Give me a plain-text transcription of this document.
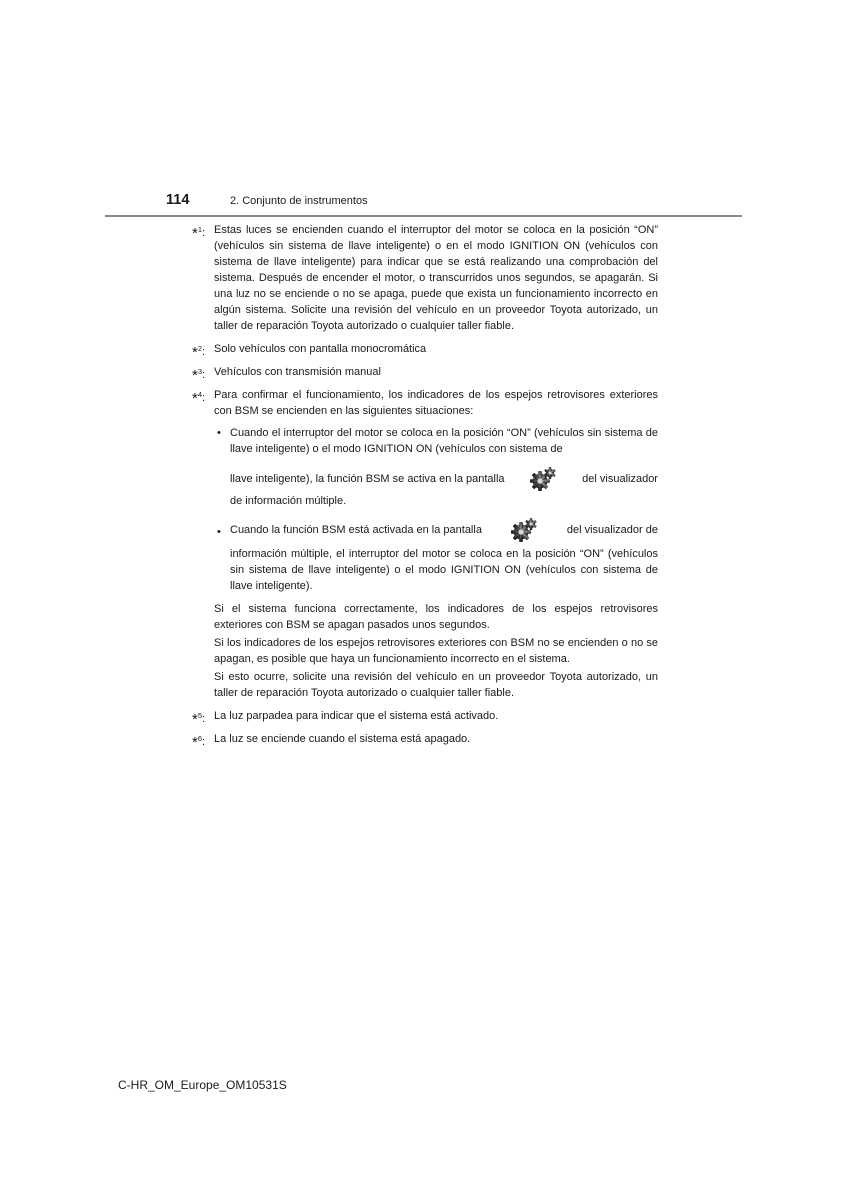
114	2. Conjunto de instrumentos
*$^1$: Estas luces se encienden cuando el interruptor del motor se coloca en la posición “ON” (vehículos sin sistema de llave inteligente) o en el modo IGNITION ON (vehículos con sistema de llave inteligente) para indicar que se está realizando una comprobación del sistema. Después de encender el motor, o transcurridos unos segundos, se apagarán. Si una luz no se enciende o no se apaga, puede que exista un funcionamiento incorrecto en algún sistema. Solicite una revisión del vehículo en un proveedor Toyota autorizado, un taller de reparación Toyota autorizado o cualquier taller fiable.

*$^2$: Solo vehículos con pantalla monocromática

*$^3$: Vehículos con transmisión manual

*$^4$: Para confirmar el funcionamiento, los indicadores de los espejos retrovisores exteriores con BSM se encienden en las siguientes situaciones:

• Cuando el interruptor del motor se coloca en la posición “ON” (vehículos sin sistema de llave inteligente) o el modo IGNITION ON (vehículos con sistema de
llave inteligente), la función BSM se activa en la pantalla	del visualizador
de información múltiple.
• Cuando la función BSM está activada en la pantalla	del visualizador de
información múltiple, el interruptor del motor se coloca en la posición “ON” (vehículos sin sistema de llave inteligente) o el modo IGNITION ON (vehículos con sistema de llave inteligente).

Si el sistema funciona correctamente, los indicadores de los espejos retrovisores exteriores con BSM se apagan pasados unos segundos.

Si los indicadores de los espejos retrovisores exteriores con BSM no se encienden o no se apagan, es posible que haya un funcionamiento incorrecto en el sistema.

Si esto ocurre, solicite una revisión del vehículo en un proveedor Toyota autorizado, un taller de reparación Toyota autorizado o cualquier taller fiable.

*$^5$: La luz parpadea para indicar que el sistema está activado.

*$^6$: La luz se enciende cuando el sistema está apagado.

C-HR_OM_Europe_OM10531S
